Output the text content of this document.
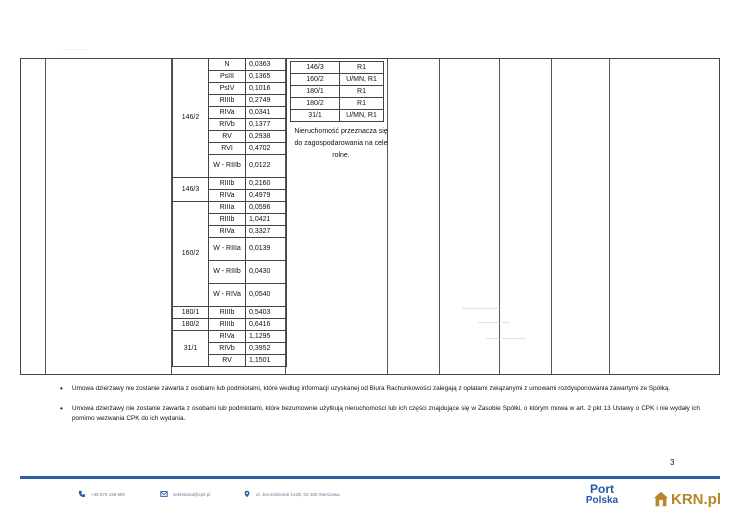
..........
146/2	N	0,0363
	PsIII	0,1365
	PsIV	0,1016
	RIIIb	0,2749
	RIVa	0,0341
	RIVb	0,1377
	RV	0,2938
	RVI	0,4702
	W - RIIIb	0,0122
146/3	RIIIb	0,2160
	RIVa	0,4979
160/2	RIIIa	0,0596
	RIIIb	1,0421
	RIVa	0,3327
	W - RIIIa	0,0139
	W - RIIIb	0,0430
	W - RIVa	0,0540
180/1	RIIIb	0,5403
180/2	RIIIb	0,6416
31/1	RIVa	1,1295
	RIVb	0,3952
	RV	1,1501
146/3	R1
160/2	U/MN, R1
180/1	R1
180/2	R1
31/1	U/MN, R1
Nieruchomość przeznacza się do zagospodarowania na cele rolne.
⁓⁓⁓⁓⁓
⁓⁓⁓⁓
⁓⁓⁓⁓⁓
• Umowa dzierżawy nie zostanie zawarta z osobami lub podmiotami, które według informacji uzyskanej od Biura Rachunkowości zalegają z opłatami związanymi z umowami rozdysponowania zawartymi ze Spółką.
• Umowa dzierżawy nie zostanie zawarta z osobami lub podmiotami, które bezumownie użytkują nieruchomości lub ich części znajdujące się w Zasobie Spółki, o którym mowa w art. 2 pkt 13 Ustawy o CPK i nie wydały ich pomimo wezwania CPK do ich wydania.
3
+48 570 198 900	sekretariat@cpk.pl	ul. Jerozolimskie 142B, 02-305 Warszawa	Port
Polska	KRN.pl
